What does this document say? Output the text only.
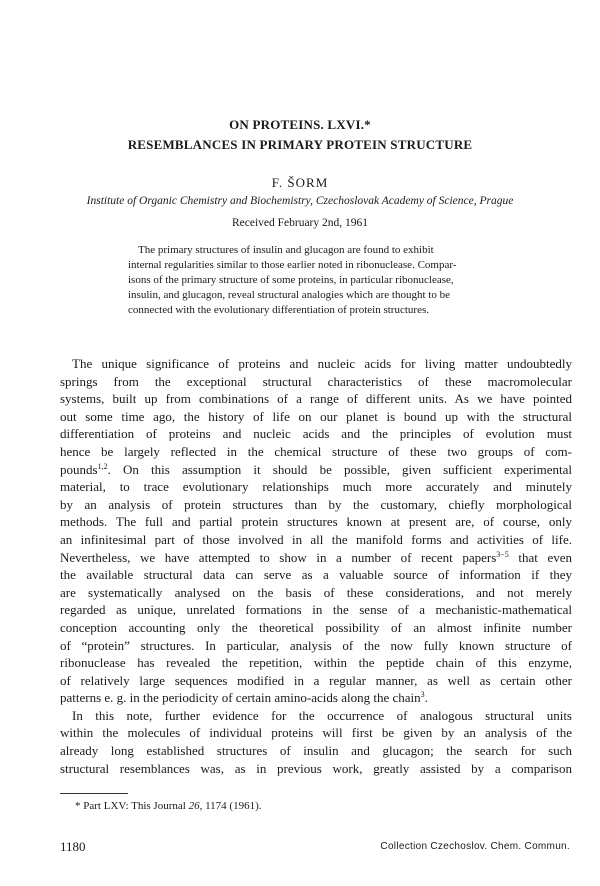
ON PROTEINS. LXVI.*
RESEMBLANCES IN PRIMARY PROTEIN STRUCTURE
F. ŠORM
Institute of Organic Chemistry and Biochemistry, Czechoslovak Academy of Science, Prague
Received February 2nd, 1961
The primary structures of insulin and glucagon are found to exhibit
internal regularities similar to those earlier noted in ribonuclease. Compar-
isons of the primary structure of some proteins, in particular ribonuclease,
insulin, and glucagon, reveal structural analogies which are thought to be
connected with the evolutionary differentiation of protein structures.
The unique significance of proteins and nucleic acids for living matter undoubtedly
springs from the exceptional structural characteristics of these macromolecular
systems, built up from combinations of a range of different units. As we have pointed
out some time ago, the history of life on our planet is bound up with the structural
differentiation of proteins and nucleic acids and the principles of evolution must
hence be largely reflected in the chemical structure of these two groups of com-
pounds$^{1,2}$. On this assumption it should be possible, given sufficient experimental
material, to trace evolutionary relationships much more accurately and minutely
by an analysis of protein structures than by the customary, chiefly morphological
methods. The full and partial protein structures known at present are, of course, only
an infinitesimal part of those involved in all the manifold forms and activities of life.
Nevertheless, we have attempted to show in a number of recent papers$^{3-5}$ that even
the available structural data can serve as a valuable source of information if they
are systematically analysed on the basis of these considerations, and not merely
regarded as unique, unrelated formations in the sense of a mechanistic-mathematical
conception accounting only the theoretical possibility of an almost infinite number
of “protein” structures. In particular, analysis of the now fully known structure of
ribonuclease has revealed the repetition, within the peptide chain of this enzyme,
of relatively large sequences modified in a regular manner, as well as certain other
patterns e. g. in the periodicity of certain amino-acids along the chain$^3$.
In this note, further evidence for the occurrence of analogous structural units
within the molecules of individual proteins will first be given by an analysis of the
already long established structures of insulin and glucagon; the search for such
structural resemblances was, as in previous work, greatly assisted by a comparison
* Part LXV: This Journal 26, 1174 (1961).
1180	Collection Czechoslov. Chem. Commun.
